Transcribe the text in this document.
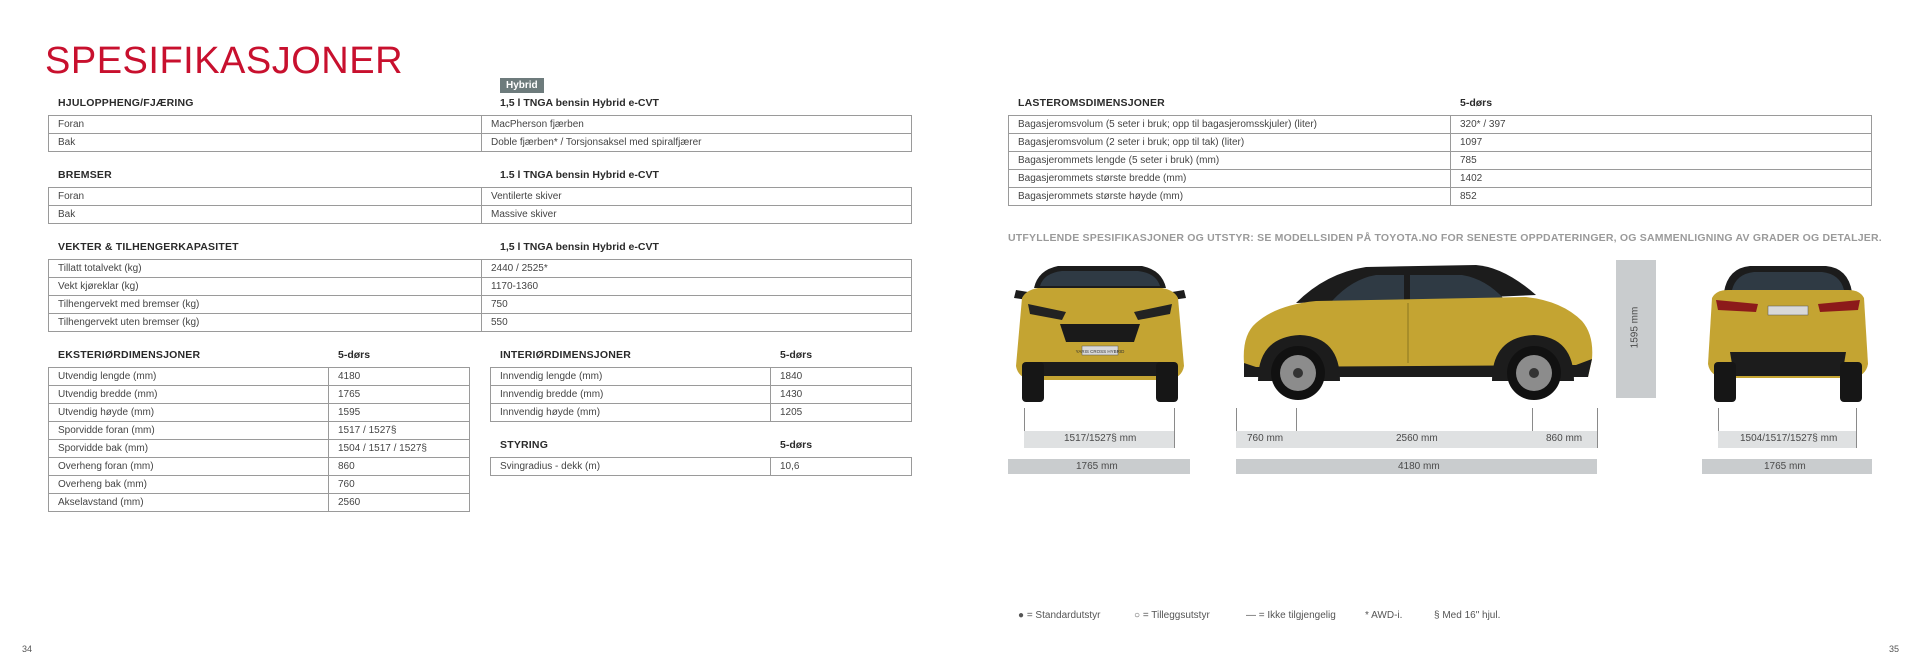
SPESIFIKASJONER
Hybrid
HJULOPPHENG/FJÆRING	1,5 l TNGA bensin Hybrid e-CVT
Foran	MacPherson fjærben
Bak	Doble fjærben* / Torsjonsaksel med spiralfjærer
BREMSER	1.5 l TNGA bensin Hybrid e-CVT
Foran	Ventilerte skiver
Bak	Massive skiver
VEKTER & TILHENGERKAPASITET	1,5 l TNGA bensin Hybrid e-CVT
Tillatt totalvekt (kg)	2440 / 2525*
Vekt kjøreklar (kg)	1170-1360
Tilhengervekt med bremser (kg)	750
Tilhengervekt uten bremser (kg)	550
EKSTERIØRDIMENSJONER	5-dørs
Utvendig lengde (mm)	4180
Utvendig bredde (mm)	1765
Utvendig høyde (mm)	1595
Sporvidde foran (mm)	1517 / 1527§
Sporvidde bak (mm)	1504 / 1517 / 1527§
Overheng foran (mm)	860
Overheng bak (mm)	760
Akselavstand (mm)	2560
INTERIØRDIMENSJONER	5-dørs
Innvendig lengde (mm)	1840
Innvendig bredde (mm)	1430
Innvendig høyde (mm)	1205
STYRING	5-dørs
Svingradius - dekk (m)	10,6
LASTEROMSDIMENSJONER	5-dørs
Bagasjeromsvolum (5 seter i bruk; opp til bagasjeromsskjuler) (liter)	320* / 397
Bagasjeromsvolum (2 seter i bruk; opp til tak) (liter)	1097
Bagasjerommets lengde (5 seter i bruk) (mm)	785
Bagasjerommets største bredde (mm)	1402
Bagasjerommets største høyde (mm)	852
UTFYLLENDE SPESIFIKASJONER OG UTSTYR: SE MODELLSIDEN PÅ TOYOTA.NO FOR SENESTE OPPDATERINGER, OG SAMMENLIGNING AV GRADER OG DETALJER.
YARIS CROSS HYBRID
1517/1527§ mm
1765 mm
760 mm	2560 mm	860 mm
4180 mm
1595 mm
1504/1517/1527§ mm
1765 mm
● = Standardutstyr	○ = Tilleggsutstyr	— = Ikke tilgjengelig	* AWD-i.	§ Med 16" hjul.
34	35
